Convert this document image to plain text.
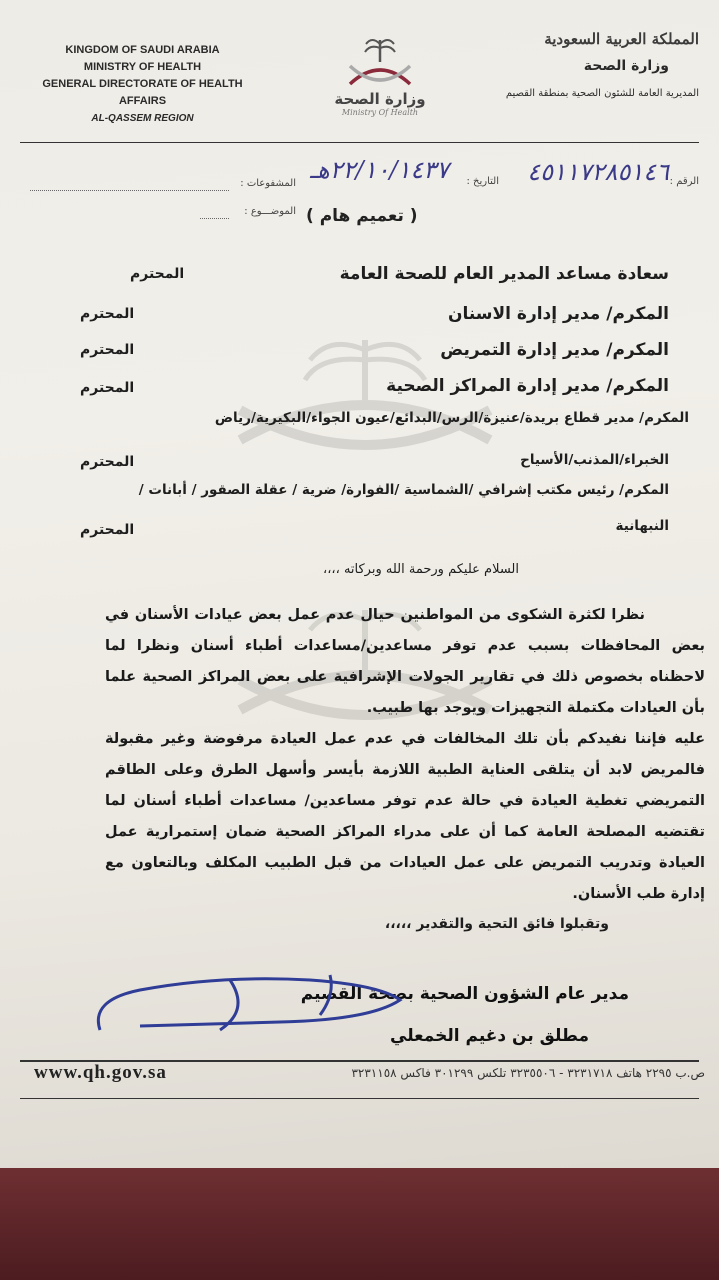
KINGDOM OF SAUDI ARABIA
MINISTRY OF HEALTH
GENERAL DIRECTORATE OF HEALTH AFFAIRS
AL-QASSEM REGION
وزارة الصحة
Ministry Of Health
المملكة العربية السعودية
وزارة الصحة
المديرية العامة للشئون الصحية بمنطقة القصيم
الرقم :
٤٥١١٧٢٨٥١٤٦
التاريخ :
٢٢/١٠/١٤٣٧هـ
المشفوعات :
الموضـــوع : ( تعميم هام )
سعادة مساعد المدير العام للصحة العامة
المحترم
المكرم/ مدير إدارة الاسنان
المحترم
المكرم/ مدير إدارة التمريض
المحترم
المكرم/ مدير إدارة المراكز الصحية
المحترم
المكرم/ مدير قطاع بريدة/عنيزة/الرس/البدائع/عيون الجواء/البكيرية/رياض
الخبراء/المذنب/الأسياح
المحترم
المكرم/ رئيس مكتب إشرافي /الشماسية /الفوارة/ ضرية / عقلة الصقور / أبانات /
النبهانية
المحترم
السلام عليكم ورحمة الله وبركاته ،،،،

نظرا لكثرة الشكوى من المواطنين حيال عدم عمل بعض عيادات الأسنان في بعض المحافظات بسبب عدم توفر مساعدين/مساعدات أطباء أسنان ونظرا لما لاحظناه بخصوص ذلك في تقارير الجولات الإشرافية على بعض المراكز الصحية علما بأن العيادات مكتملة التجهيزات ويوجد بها طبيب.

عليه فإننا نفيدكم بأن تلك المخالفات في عدم عمل العيادة مرفوضة وغير مقبولة فالمريض لابد أن يتلقى العناية الطبية اللازمة بأيسر وأسهل الطرق وعلى الطاقم التمريضي تغطية العيادة في حالة عدم توفر مساعدين/ مساعدات أطباء أسنان لما تقتضيه المصلحة العامة كما أن على مدراء المراكز الصحية ضمان إستمرارية عمل العيادة وتدريب التمريض على عمل العيادات من قبل الطبيب المكلف وبالتعاون مع إدارة طب الأسنان.

وتقبلوا فائق التحية والتقدير ،،،،،
مدير عام الشؤون الصحية بصحة القصيم
مطلق بن دغيم الخمعلي
www.qh.gov.sa	ص.ب ٢٢٩٥ هاتف ٣٢٣١٧١٨ - ٣٢٣٥٥٠٦ تلكس ٣٠١٢٩٩ فاكس ٣٢٣١١٥٨
